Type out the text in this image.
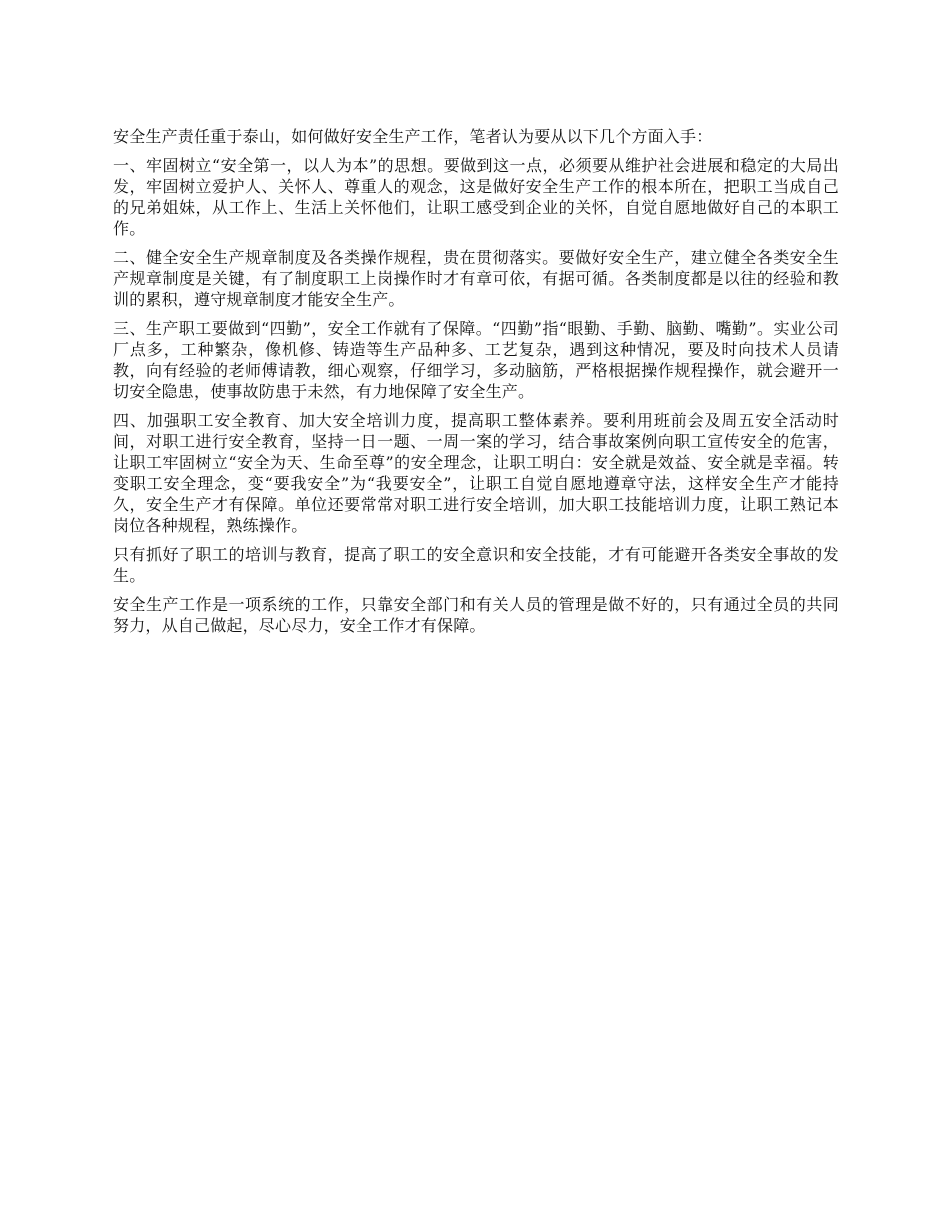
安全生产责任重于泰山，如何做好安全生产工作，笔者认为要从以下几个方面入手：

一、牢固树立“安全第一，以人为本”的思想。要做到这一点，必须要从维护社会进展和稳定的大局出发，牢固树立爱护人、关怀人、尊重人的观念，这是做好安全生产工作的根本所在，把职工当成自己的兄弟姐妹，从工作上、生活上关怀他们，让职工感受到企业的关怀，自觉自愿地做好自己的本职工作。

二、健全安全生产规章制度及各类操作规程，贵在贯彻落实。要做好安全生产，建立健全各类安全生产规章制度是关键，有了制度职工上岗操作时才有章可依，有据可循。各类制度都是以往的经验和教训的累积，遵守规章制度才能安全生产。

三、生产职工要做到“四勤”，安全工作就有了保障。“四勤”指“眼勤、手勤、脑勤、嘴勤”。实业公司厂点多，工种繁杂，像机修、铸造等生产品种多、工艺复杂，遇到这种情况，要及时向技术人员请教，向有经验的老师傅请教，细心观察，仔细学习，多动脑筋，严格根据操作规程操作，就会避开一切安全隐患，使事故防患于未然，有力地保障了安全生产。

四、加强职工安全教育、加大安全培训力度，提高职工整体素养。要利用班前会及周五安全活动时间，对职工进行安全教育，坚持一日一题、一周一案的学习，结合事故案例向职工宣传安全的危害，让职工牢固树立“安全为天、生命至尊”的安全理念，让职工明白：安全就是效益、安全就是幸福。转变职工安全理念，变“要我安全”为“我要安全”，让职工自觉自愿地遵章守法，这样安全生产才能持久，安全生产才有保障。单位还要常常对职工进行安全培训，加大职工技能培训力度，让职工熟记本岗位各种规程，熟练操作。

只有抓好了职工的培训与教育，提高了职工的安全意识和安全技能，才有可能避开各类安全事故的发生。

安全生产工作是一项系统的工作，只靠安全部门和有关人员的管理是做不好的，只有通过全员的共同努力，从自己做起，尽心尽力，安全工作才有保障。
